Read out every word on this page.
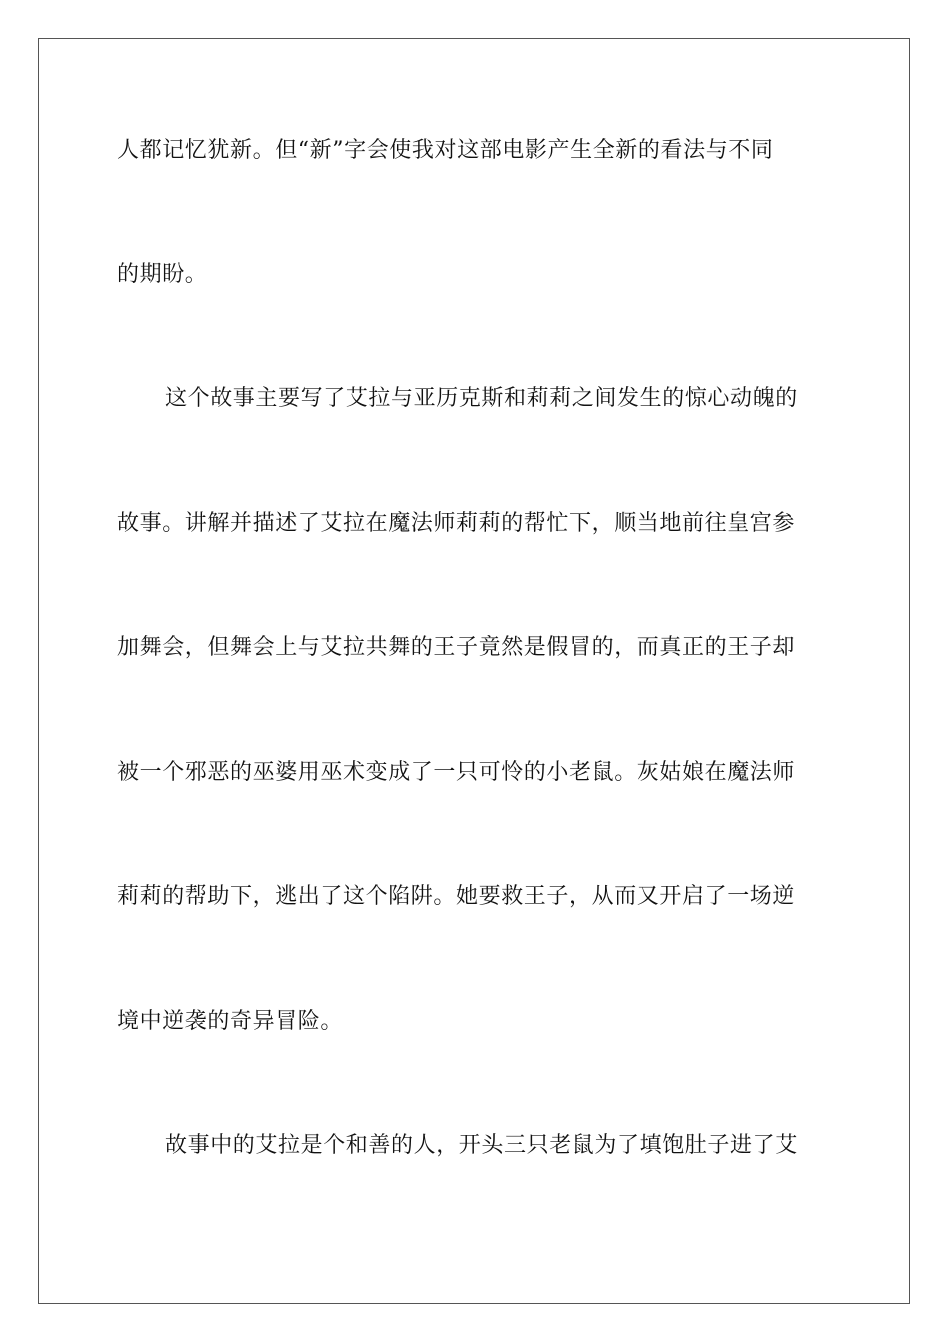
人都记忆犹新。但“新”字会使我对这部电影产生全新的看法与不同
的期盼。
这个故事主要写了艾拉与亚历克斯和莉莉之间发生的惊心动魄的
故事。讲解并描述了艾拉在魔法师莉莉的帮忙下，顺当地前往皇宫参
加舞会，但舞会上与艾拉共舞的王子竟然是假冒的，而真正的王子却
被一个邪恶的巫婆用巫术变成了一只可怜的小老鼠。灰姑娘在魔法师
莉莉的帮助下，逃出了这个陷阱。她要救王子，从而又开启了一场逆
境中逆袭的奇异冒险。
故事中的艾拉是个和善的人，开头三只老鼠为了填饱肚子进了艾
